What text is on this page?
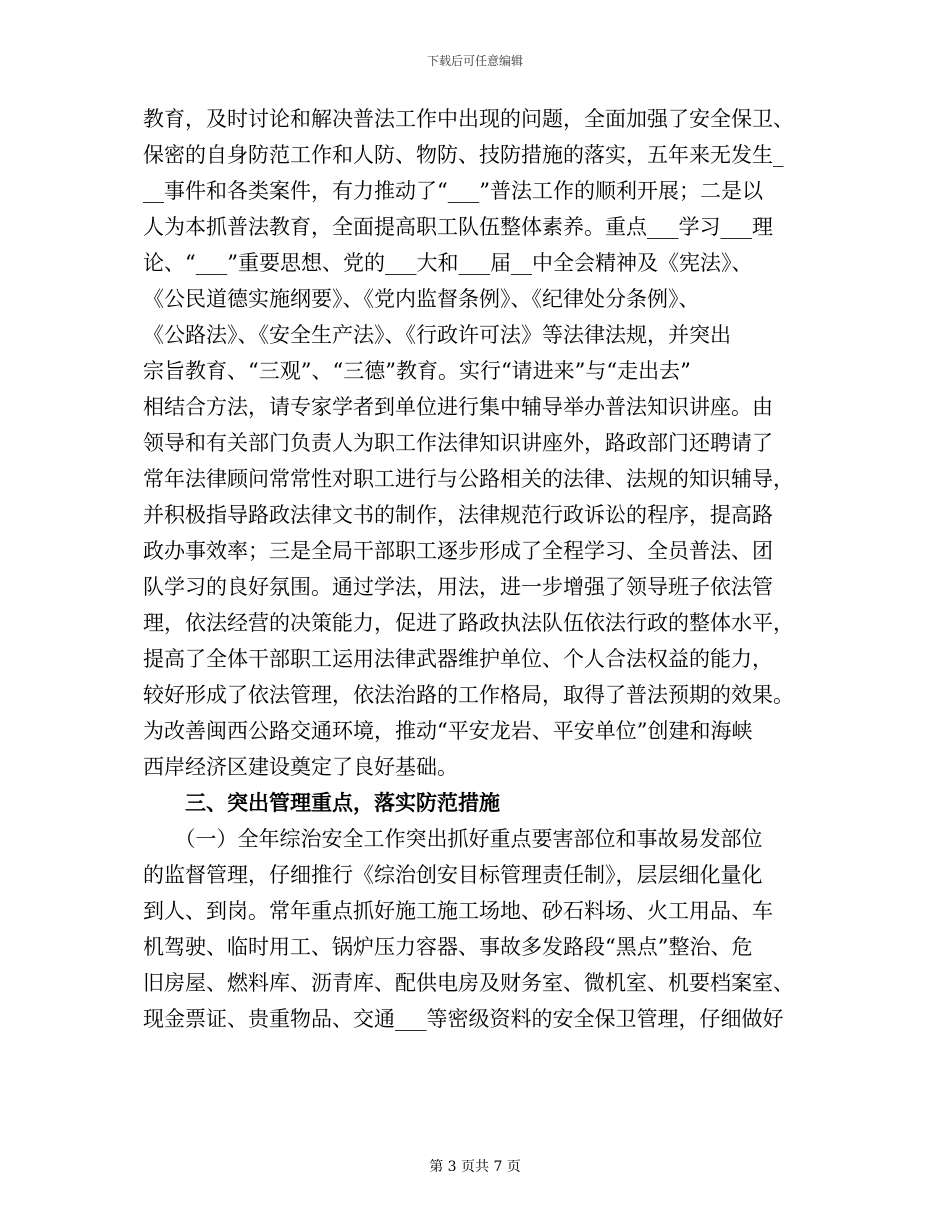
下载后可任意编辑
教育，及时讨论和解决普法工作中出现的问题，全面加强了安全保卫、
保密的自身防范工作和人防、物防、技防措施的落实，五年来无发生_
__事件和各类案件，有力推动了“___”普法工作的顺利开展；二是以
人为本抓普法教育，全面提高职工队伍整体素养。重点___学习___理
论、“___”重要思想、党的___大和___届__中全会精神及《宪法》、
《公民道德实施纲要》、《党内监督条例》、《纪律处分条例》、
《公路法》、《安全生产法》、《行政许可法》等法律法规，并突出
宗旨教育、“三观”、“三德”教育。实行“请进来”与“走出去”
相结合方法，请专家学者到单位进行集中辅导举办普法知识讲座。由
领导和有关部门负责人为职工作法律知识讲座外，路政部门还聘请了
常年法律顾问常常性对职工进行与公路相关的法律、法规的知识辅导，
并积极指导路政法律文书的制作，法律规范行政诉讼的程序，提高路
政办事效率；三是全局干部职工逐步形成了全程学习、全员普法、团
队学习的良好氛围。通过学法，用法，进一步增强了领导班子依法管
理，依法经营的决策能力，促进了路政执法队伍依法行政的整体水平，
提高了全体干部职工运用法律武器维护单位、个人合法权益的能力，
较好形成了依法管理，依法治路的工作格局，取得了普法预期的效果。
为改善闽西公路交通环境，推动“平安龙岩、平安单位”创建和海峡
西岸经济区建设奠定了良好基础。
　　三、突出管理重点，落实防范措施
　　（一）全年综治安全工作突出抓好重点要害部位和事故易发部位
的监督管理，仔细推行《综治创安目标管理责任制》，层层细化量化
到人、到岗。常年重点抓好施工施工场地、砂石料场、火工用品、车
机驾驶、临时用工、锅炉压力容器、事故多发路段“黑点”整治、危
旧房屋、燃料库、沥青库、配供电房及财务室、微机室、机要档案室、
现金票证、贵重物品、交通___等密级资料的安全保卫管理，仔细做好
第 3 页共 7 页
